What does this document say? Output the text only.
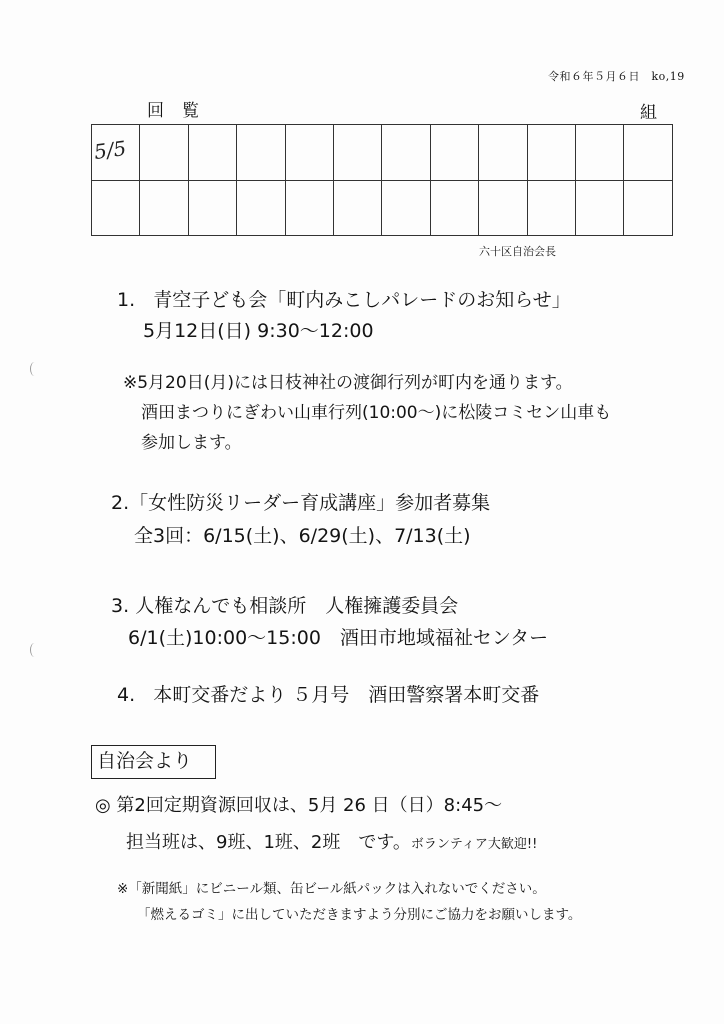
令和６年５月６日　ko,19
回覧	組

5/5
六十区自治会長
1. 青空子ども会「町内みこしパレードのお知らせ」
5月12日(日) 9:30～12:00
※5月20日(月)には日枝神社の渡御行列が町内を通ります。
酒田まつりにぎわい山車行列(10:00～)に松陵コミセン山車も
参加します。
2.「女性防災リーダー育成講座」参加者募集
全3回：6/15(土)、6/29(土)、7/13(土)
3. 人権なんでも相談所　人権擁護委員会
6/1(土)10:00～15:00　酒田市地域福祉センター
4. 本町交番だより ５月号　酒田警察署本町交番
自治会より
◎ 第2回定期資源回収は、5月 26 日（日）8:45～
担当班は、9班、1班、2班　です。ボランティア大歓迎!!
※「新聞紙」にビニール類、缶ビール紙パックは入れないでください。
「燃えるゴミ」に出していただきますよう分別にご協力をお願いします。
